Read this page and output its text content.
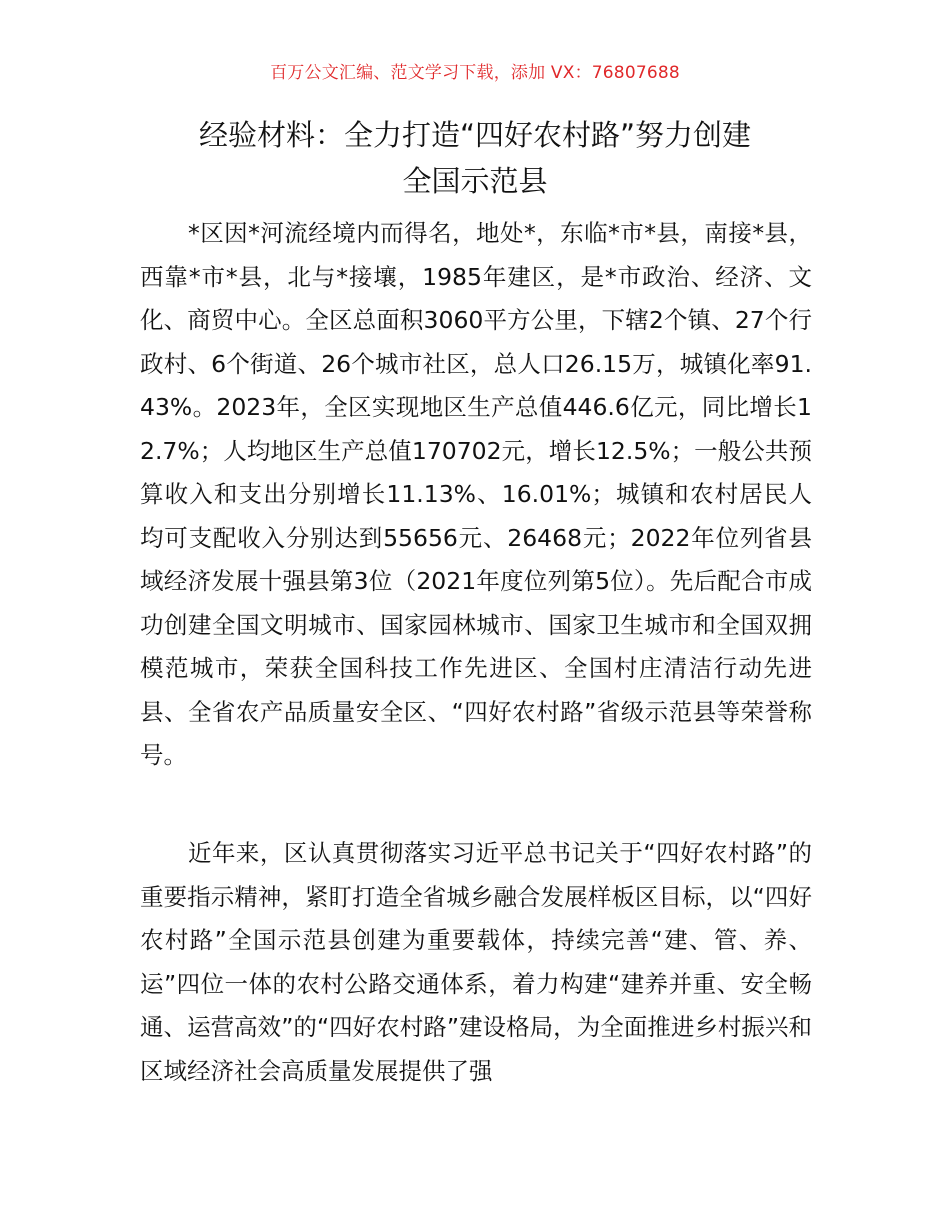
百万公文汇编、范文学习下载，添加 VX：76807688
经验材料：全力打造“四好农村路”努力创建
全国示范县

*区因*河流经境内而得名，地处*，东临*市*县，南接*县，西靠*市*县，北与*接壤，1985年建区，是*市政治、经济、文化、商贸中心。全区总面积3060平方公里，下辖2个镇、27个行政村、6个街道、26个城市社区，总人口26.15万，城镇化率91.43%。2023年，全区实现地区生产总值446.6亿元，同比增长12.7%；人均地区生产总值170702元，增长12.5%；一般公共预算收入和支出分别增长11.13%、16.01%；城镇和农村居民人均可支配收入分别达到55656元、26468元；2022年位列省县域经济发展十强县第3位（2021年度位列第5位）。先后配合市成功创建全国文明城市、国家园林城市、国家卫生城市和全国双拥模范城市，荣获全国科技工作先进区、全国村庄清洁行动先进县、全省农产品质量安全区、“四好农村路”省级示范县等荣誉称号。

近年来，区认真贯彻落实习近平总书记关于“四好农村路”的重要指示精神，紧盯打造全省城乡融合发展样板区目标，以“四好农村路”全国示范县创建为重要载体，持续完善“建、管、养、运”四位一体的农村公路交通体系，着力构建“建养并重、安全畅通、运营高效”的“四好农村路”建设格局，为全面推进乡村振兴和区域经济社会高质量发展提供了强
